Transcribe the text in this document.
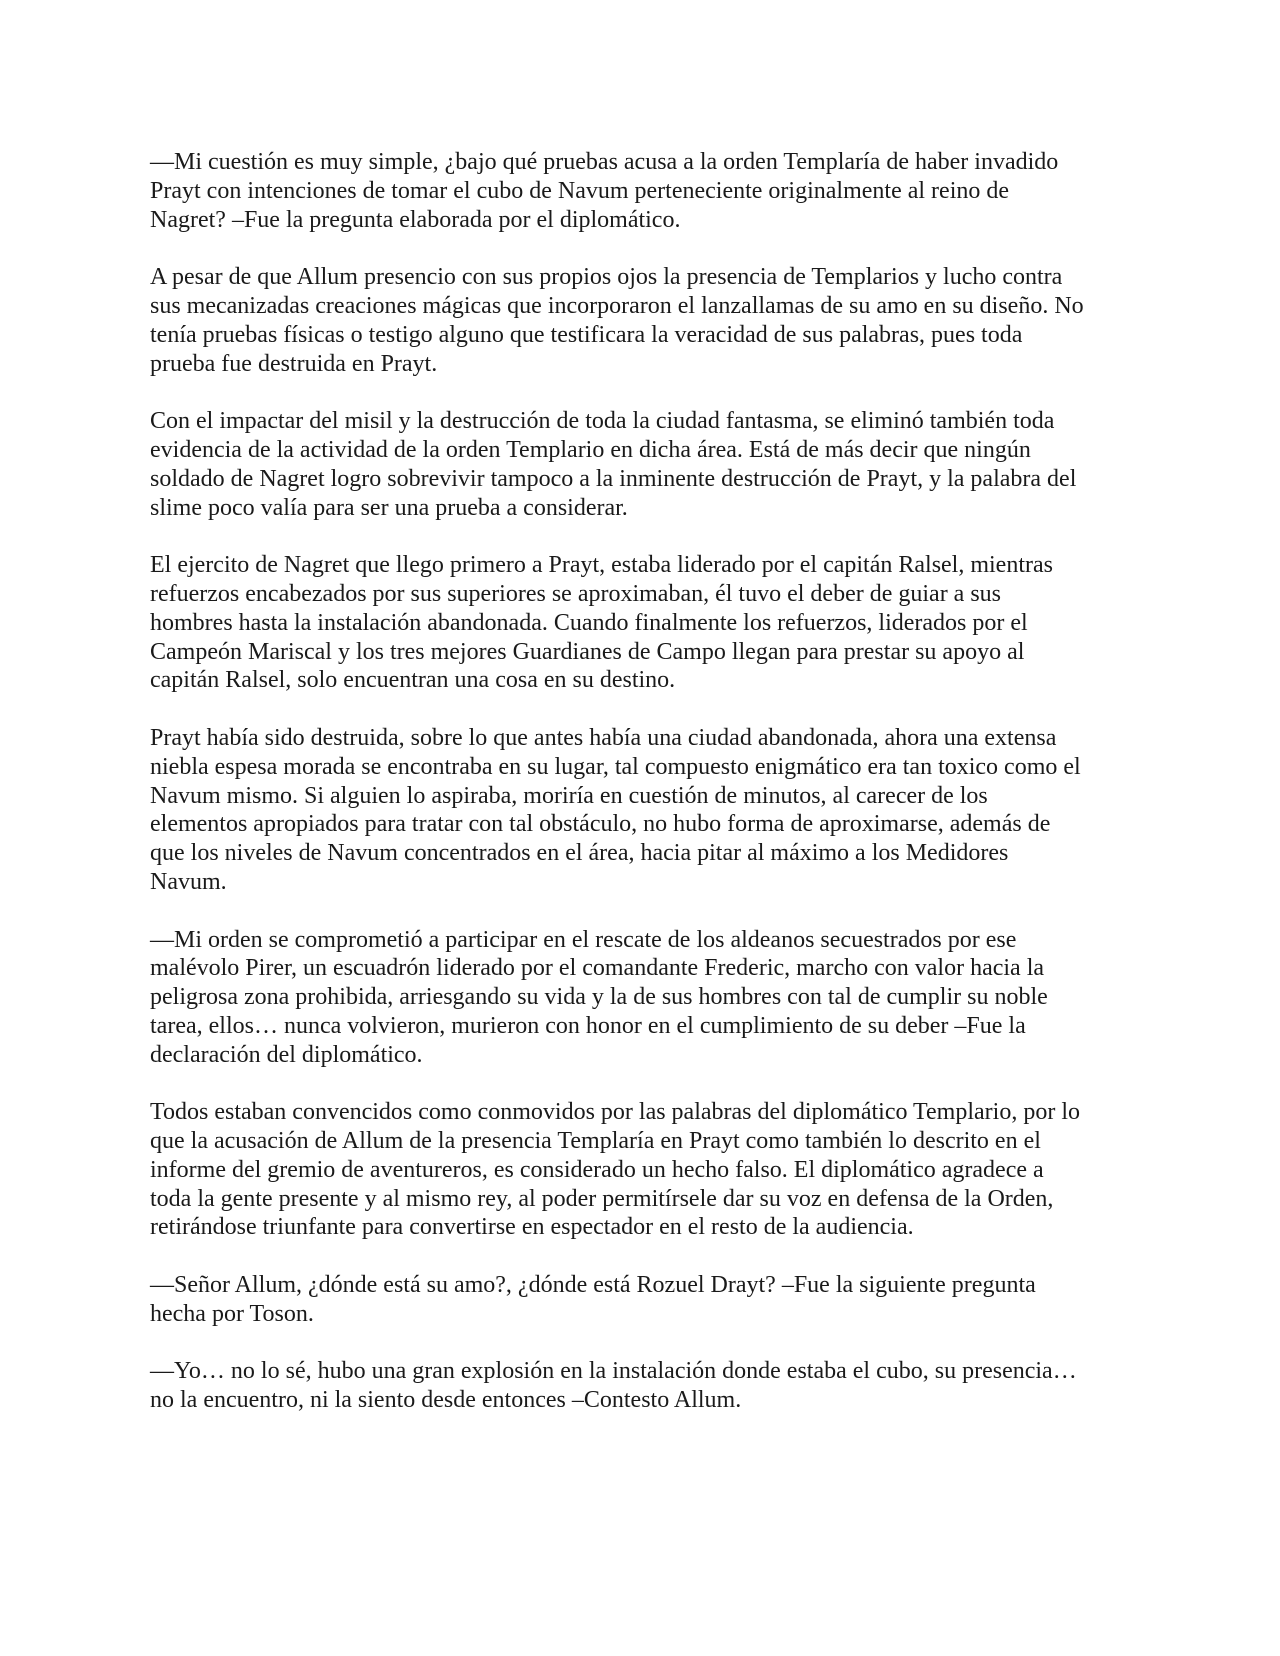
—Mi cuestión es muy simple, ¿bajo qué pruebas acusa a la orden Templaría de haber invadido
Prayt con intenciones de tomar el cubo de Navum perteneciente originalmente al reino de
Nagret? –Fue la pregunta elaborada por el diplomático.

A pesar de que Allum presencio con sus propios ojos la presencia de Templarios y lucho contra
sus mecanizadas creaciones mágicas que incorporaron el lanzallamas de su amo en su diseño. No
tenía pruebas físicas o testigo alguno que testificara la veracidad de sus palabras, pues toda
prueba fue destruida en Prayt.

Con el impactar del misil y la destrucción de toda la ciudad fantasma, se eliminó también toda
evidencia de la actividad de la orden Templario en dicha área. Está de más decir que ningún
soldado de Nagret logro sobrevivir tampoco a la inminente destrucción de Prayt, y la palabra del
slime poco valía para ser una prueba a considerar.

El ejercito de Nagret que llego primero a Prayt, estaba liderado por el capitán Ralsel, mientras
refuerzos encabezados por sus superiores se aproximaban, él tuvo el deber de guiar a sus
hombres hasta la instalación abandonada. Cuando finalmente los refuerzos, liderados por el
Campeón Mariscal y los tres mejores Guardianes de Campo llegan para prestar su apoyo al
capitán Ralsel, solo encuentran una cosa en su destino.

Prayt había sido destruida, sobre lo que antes había una ciudad abandonada, ahora una extensa
niebla espesa morada se encontraba en su lugar, tal compuesto enigmático era tan toxico como el
Navum mismo. Si alguien lo aspiraba, moriría en cuestión de minutos, al carecer de los
elementos apropiados para tratar con tal obstáculo, no hubo forma de aproximarse, además de
que los niveles de Navum concentrados en el área, hacia pitar al máximo a los Medidores
Navum.

—Mi orden se comprometió a participar en el rescate de los aldeanos secuestrados por ese
malévolo Pirer, un escuadrón liderado por el comandante Frederic, marcho con valor hacia la
peligrosa zona prohibida, arriesgando su vida y la de sus hombres con tal de cumplir su noble
tarea, ellos… nunca volvieron, murieron con honor en el cumplimiento de su deber –Fue la
declaración del diplomático.

Todos estaban convencidos como conmovidos por las palabras del diplomático Templario, por lo
que la acusación de Allum de la presencia Templaría en Prayt como también lo descrito en el
informe del gremio de aventureros, es considerado un hecho falso. El diplomático agradece a
toda la gente presente y al mismo rey, al poder permitírsele dar su voz en defensa de la Orden,
retirándose triunfante para convertirse en espectador en el resto de la audiencia.

—Señor Allum, ¿dónde está su amo?, ¿dónde está Rozuel Drayt? –Fue la siguiente pregunta
hecha por Toson.

—Yo… no lo sé, hubo una gran explosión en la instalación donde estaba el cubo, su presencia…
no la encuentro, ni la siento desde entonces –Contesto Allum.
